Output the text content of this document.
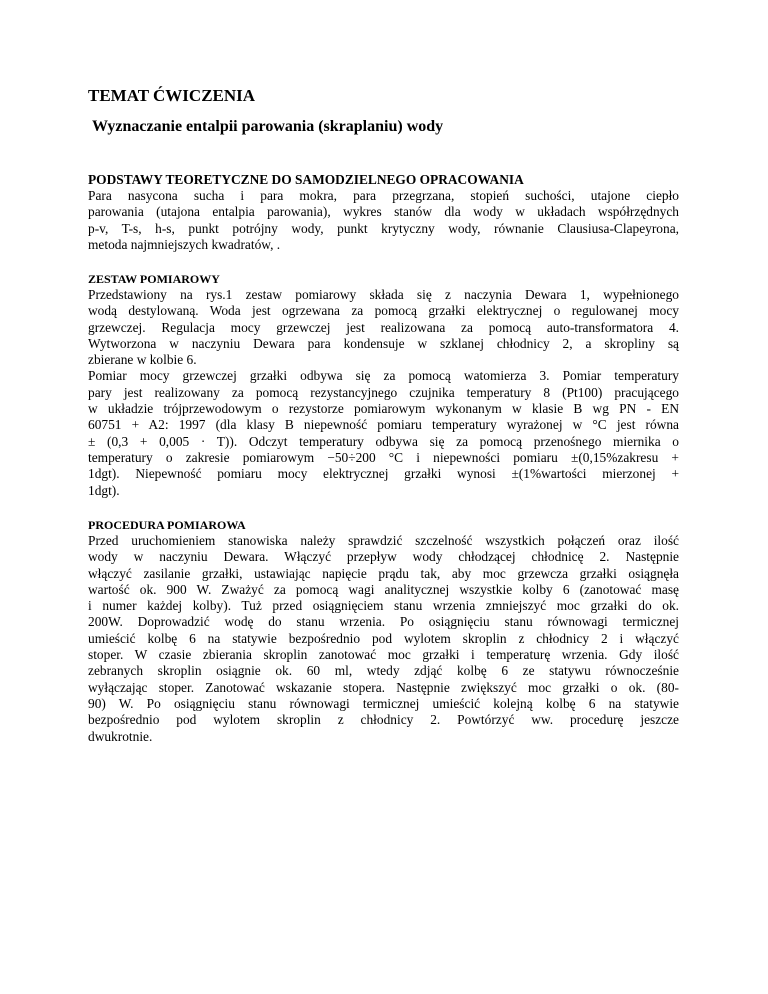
TEMAT ĆWICZENIA
Wyznaczanie entalpii parowania (skraplaniu) wody
PODSTAWY TEORETYCZNE DO SAMODZIELNEGO OPRACOWANIA

Para nasycona sucha i para mokra, para przegrzana, stopień suchości, utajone ciepło
parowania (utajona entalpia parowania), wykres stanów dla wody w układach współrzędnych
p-v, T-s, h-s, punkt potrójny wody, punkt krytyczny wody, równanie Clausiusa-Clapeyrona,
metoda najmniejszych kwadratów, .

ZESTAW POMIAROWY

Przedstawiony na rys.1 zestaw pomiarowy składa się z naczynia Dewara 1, wypełnionego
wodą destylowaną. Woda jest ogrzewana za pomocą grzałki elektrycznej o regulowanej mocy
grzewczej. Regulacja mocy grzewczej jest realizowana za pomocą auto-transformatora 4.
Wytworzona w naczyniu Dewara para kondensuje w szklanej chłodnicy 2, a skropliny są
zbierane w kolbie 6.
Pomiar mocy grzewczej grzałki odbywa się za pomocą watomierza 3. Pomiar temperatury
pary jest realizowany za pomocą rezystancyjnego czujnika temperatury 8 (Pt100) pracującego
w układzie trójprzewodowym o rezystorze pomiarowym wykonanym w klasie B wg PN - EN
60751 + A2: 1997 (dla klasy B niepewność pomiaru temperatury wyrażonej w °C jest równa
± (0,3 + 0,005 · T)). Odczyt temperatury odbywa się za pomocą przenośnego miernika o
temperatury o zakresie pomiarowym −50÷200 °C i niepewności pomiaru ±(0,15%zakresu +
1dgt). Niepewność pomiaru mocy elektrycznej grzałki wynosi ±(1%wartości mierzonej +
1dgt).

PROCEDURA POMIAROWA

Przed uruchomieniem stanowiska należy sprawdzić szczelność wszystkich połączeń oraz ilość
wody w naczyniu Dewara. Włączyć przepływ wody chłodzącej chłodnicę 2. Następnie
włączyć zasilanie grzałki, ustawiając napięcie prądu tak, aby moc grzewcza grzałki osiągnęła
wartość ok. 900 W. Zważyć za pomocą wagi analitycznej wszystkie kolby 6 (zanotować masę
i numer każdej kolby). Tuż przed osiągnięciem stanu wrzenia zmniejszyć moc grzałki do ok.
200W. Doprowadzić wodę do stanu wrzenia. Po osiągnięciu stanu równowagi termicznej
umieścić kolbę 6 na statywie bezpośrednio pod wylotem skroplin z chłodnicy 2 i włączyć
stoper. W czasie zbierania skroplin zanotować moc grzałki i temperaturę wrzenia. Gdy ilość
zebranych skroplin osiągnie ok. 60 ml, wtedy zdjąć kolbę 6 ze statywu równocześnie
wyłączając stoper. Zanotować wskazanie stopera. Następnie zwiększyć moc grzałki o ok. (80-
90) W. Po osiągnięciu stanu równowagi termicznej umieścić kolejną kolbę 6 na statywie
bezpośrednio pod wylotem skroplin z chłodnicy 2. Powtórzyć ww. procedurę jeszcze
dwukrotnie.
